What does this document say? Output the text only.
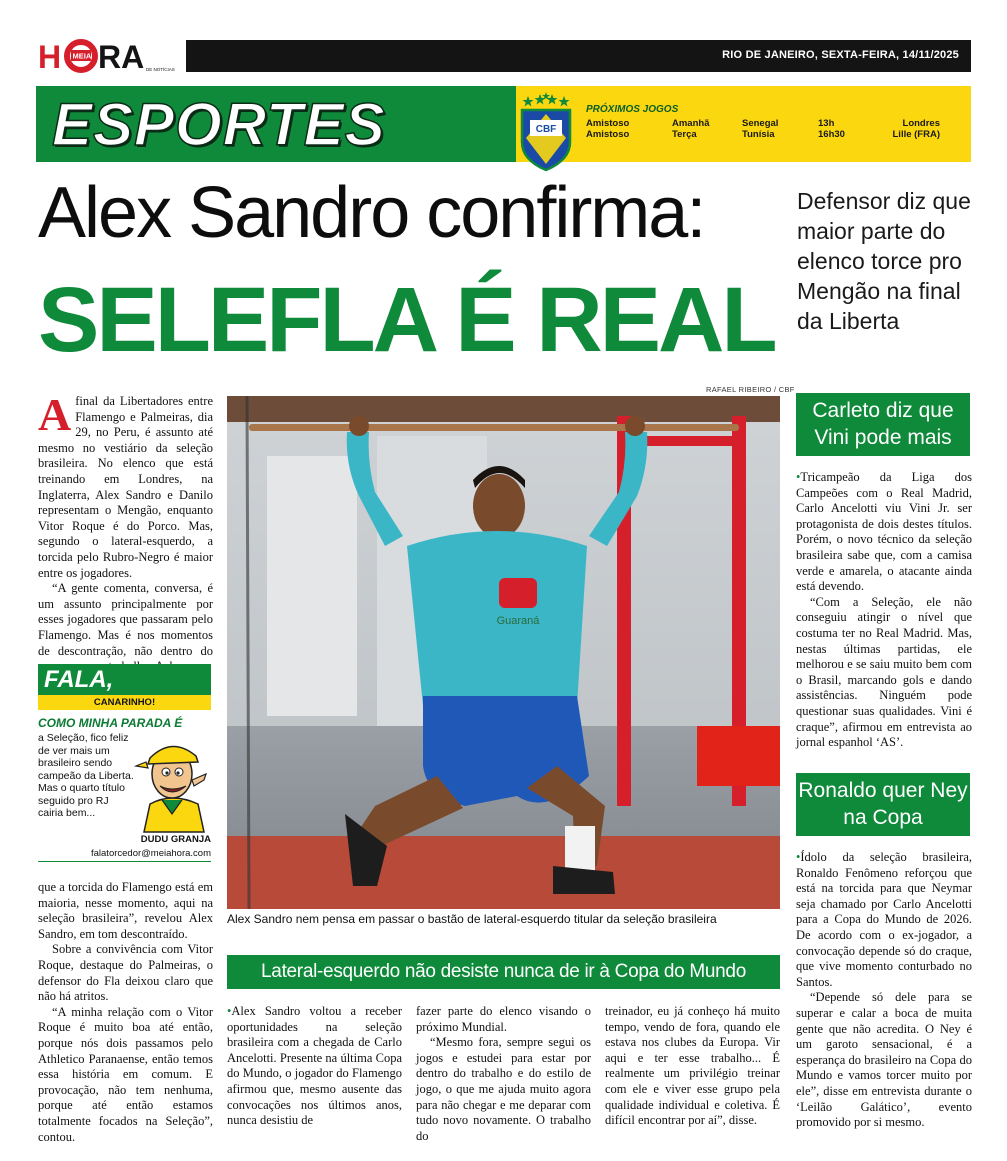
H MEIA RA DE NOTÍCIAS
RIO DE JANEIRO, SEXTA-FEIRA, 14/11/2025
ESPORTES	CBF
PRÓXIMOS JOGOS
Amistoso	Amanhã	Senegal	13h	Londres
Amistoso	Terça	Tunísia	16h30	Lille (FRA)
Alex Sandro confirma:
SELEFLA É REAL
Defensor diz que maior parte do elenco torce pro Mengão na final da Liberta
A final da Libertadores entre Flamengo e Palmeiras, dia 29, no Peru, é assunto até mesmo no vestiário da seleção brasileira. No elenco que está treinando em Londres, na Inglaterra, Alex Sandro e Danilo representam o Mengão, enquanto Vitor Roque é do Porco. Mas, segundo o lateral-esquerdo, a torcida pelo Rubro-Negro é maior entre os jogadores.

“A gente comenta, conversa, é um assunto principalmente por esses jogadores que passaram pelo Flamengo. Mas é nos momentos de descontração, não dentro do

FALA,
CANARINHO!
COMO MINHA PARADA É
a Seleção, fico feliz de ver mais um brasileiro sendo campeão da Liberta. Mas o quarto título seguido pro RJ cairia bem...
DUDU GRANJA
falatorcedor@meiahora.com

que a torcida do Flamengo está em maioria, nesse momento, aqui na seleção brasileira”, revelou Alex Sandro, em tom descontraído.

Sobre a convivência com Vitor Roque, destaque do Palmeiras, o defensor do Fla deixou claro que não há atritos.

“A minha relação com o Vitor Roque é muito boa até então, porque nós dois passamos pelo Athletico Paranaense, então temos essa história em comum. E provocação, não tem nenhuma, porque até então estamos totalmente focados na Seleção”, contou.

RAFAEL RIBEIRO / CBF
Guaraná
Alex Sandro nem pensa em passar o bastão de lateral-esquerdo titular da seleção brasileira
Lateral-esquerdo não desiste nunca de ir à Copa do Mundo

•Alex Sandro voltou a receber oportunidades na seleção brasileira com a chegada de Carlo Ancelotti. Presente na última Copa do Mundo, o jogador do Flamengo afirmou que, mesmo ausente das convocações nos últimos anos, nunca desistiu de

fazer parte do elenco visando o próximo Mundial.

“Mesmo fora, sempre segui os jogos e estudei para estar por dentro do trabalho e do estilo de jogo, o que me ajuda muito agora para não chegar e me deparar com tudo novo novamente. O trabalho do

treinador, eu já conheço há muito tempo, vendo de fora, quando ele estava nos clubes da Europa. Vir aqui e ter esse trabalho... É realmente um privilégio treinar com ele e viver esse grupo pela qualidade individual e coletiva. É difícil encontrar por aí”, disse.

Carleto diz que Vini pode mais

•Tricampeão da Liga dos Campeões com o Real Madrid, Carlo Ancelotti viu Vini Jr. ser protagonista de dois destes títulos. Porém, o novo técnico da seleção brasileira sabe que, com a camisa verde e amarela, o atacante ainda está devendo.

“Com a Seleção, ele não conseguiu atingir o nível que costuma ter no Real Madrid. Mas, nestas últimas partidas, ele melhorou e se saiu muito bem com o Brasil, marcando gols e dando assistências. Ninguém pode questionar suas qualidades. Vini é craque”, afirmou em entrevista ao jornal espanhol ‘AS’.

Ronaldo quer Ney na Copa

•Ídolo da seleção brasileira, Ronaldo Fenômeno reforçou que está na torcida para que Neymar seja chamado por Carlo Ancelotti para a Copa do Mundo de 2026. De acordo com o ex-jogador, a convocação depende só do craque, que vive momento conturbado no Santos.

“Depende só dele para se superar e calar a boca de muita gente que não acredita. O Ney é um garoto sensacional, é a esperança do brasileiro na Copa do Mundo e vamos torcer muito por ele”, disse em entrevista durante o ‘Leilão Galático’, evento promovido por si mesmo.
